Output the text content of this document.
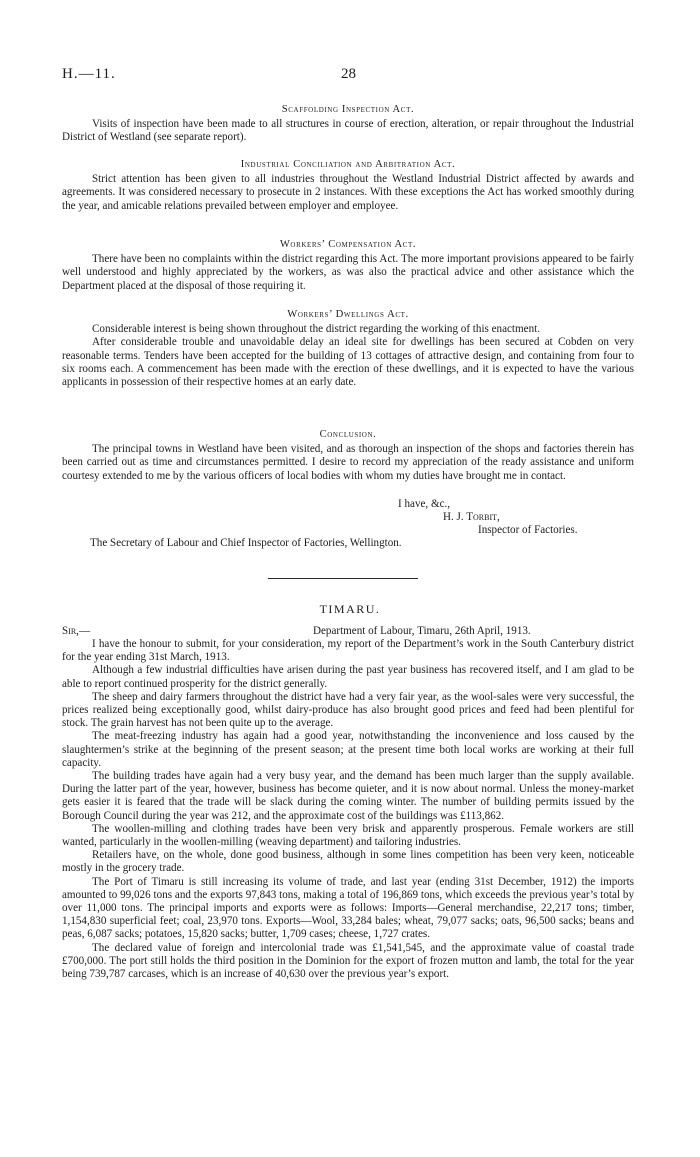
H.—11.	28
Scaffolding Inspection Act.

Visits of inspection have been made to all structures in course of erection, alteration, or repair throughout the Industrial District of Westland (see separate report).

Industrial Conciliation and Arbitration Act.

Strict attention has been given to all industries throughout the Westland Industrial District affected by awards and agreements. It was considered necessary to prosecute in 2 instances. With these exceptions the Act has worked smoothly during the year, and amicable relations prevailed between employer and employee.

Workers’ Compensation Act.

There have been no complaints within the district regarding this Act. The more important provisions appeared to be fairly well understood and highly appreciated by the workers, as was also the practical advice and other assistance which the Department placed at the disposal of those requiring it.

Workers’ Dwellings Act.

Considerable interest is being shown throughout the district regarding the working of this enactment.

After considerable trouble and unavoidable delay an ideal site for dwellings has been secured at Cobden on very reasonable terms. Tenders have been accepted for the building of 13 cottages of attractive design, and containing from four to six rooms each. A commencement has been made with the erection of these dwellings, and it is expected to have the various applicants in possession of their respective homes at an early date.

Conclusion.

The principal towns in Westland have been visited, and as thorough an inspection of the shops and factories therein has been carried out as time and circumstances permitted. I desire to record my appreciation of the ready assistance and uniform courtesy extended to me by the various officers of local bodies with whom my duties have brought me in contact.

I have, &c.,
H. J. Torbit,
Inspector of Factories.
The Secretary of Labour and Chief Inspector of Factories, Wellington.
TIMARU.
Sir,—	Department of Labour, Timaru, 26th April, 1913.

I have the honour to submit, for your consideration, my report of the Department’s work in the South Canterbury district for the year ending 31st March, 1913.

Although a few industrial difficulties have arisen during the past year business has recovered itself, and I am glad to be able to report continued prosperity for the district generally.

The sheep and dairy farmers throughout the district have had a very fair year, as the wool-sales were very successful, the prices realized being exceptionally good, whilst dairy-produce has also brought good prices and feed had been plentiful for stock. The grain harvest has not been quite up to the average.

The meat-freezing industry has again had a good year, notwithstanding the inconvenience and loss caused by the slaughtermen’s strike at the beginning of the present season; at the present time both local works are working at their full capacity.

The building trades have again had a very busy year, and the demand has been much larger than the supply available. During the latter part of the year, however, business has become quieter, and it is now about normal. Unless the money-market gets easier it is feared that the trade will be slack during the coming winter. The number of building permits issued by the Borough Council during the year was 212, and the approximate cost of the buildings was £113,862.

The woollen-milling and clothing trades have been very brisk and apparently prosperous. Female workers are still wanted, particularly in the woollen-milling (weaving department) and tailoring industries.

Retailers have, on the whole, done good business, although in some lines competition has been very keen, noticeable mostly in the grocery trade.

The Port of Timaru is still increasing its volume of trade, and last year (ending 31st December, 1912) the imports amounted to 99,026 tons and the exports 97,843 tons, making a total of 196,869 tons, which exceeds the previous year’s total by over 11,000 tons. The principal imports and exports were as follows: Imports—General merchandise, 22,217 tons; timber, 1,154,830 superficial feet; coal, 23,970 tons. Exports—Wool, 33,284 bales; wheat, 79,077 sacks; oats, 96,500 sacks; beans and peas, 6,087 sacks; potatoes, 15,820 sacks; butter, 1,709 cases; cheese, 1,727 crates.

The declared value of foreign and intercolonial trade was £1,541,545, and the approximate value of coastal trade £700,000. The port still holds the third position in the Dominion for the export of frozen mutton and lamb, the total for the year being 739,787 carcases, which is an increase of 40,630 over the previous year’s export.
